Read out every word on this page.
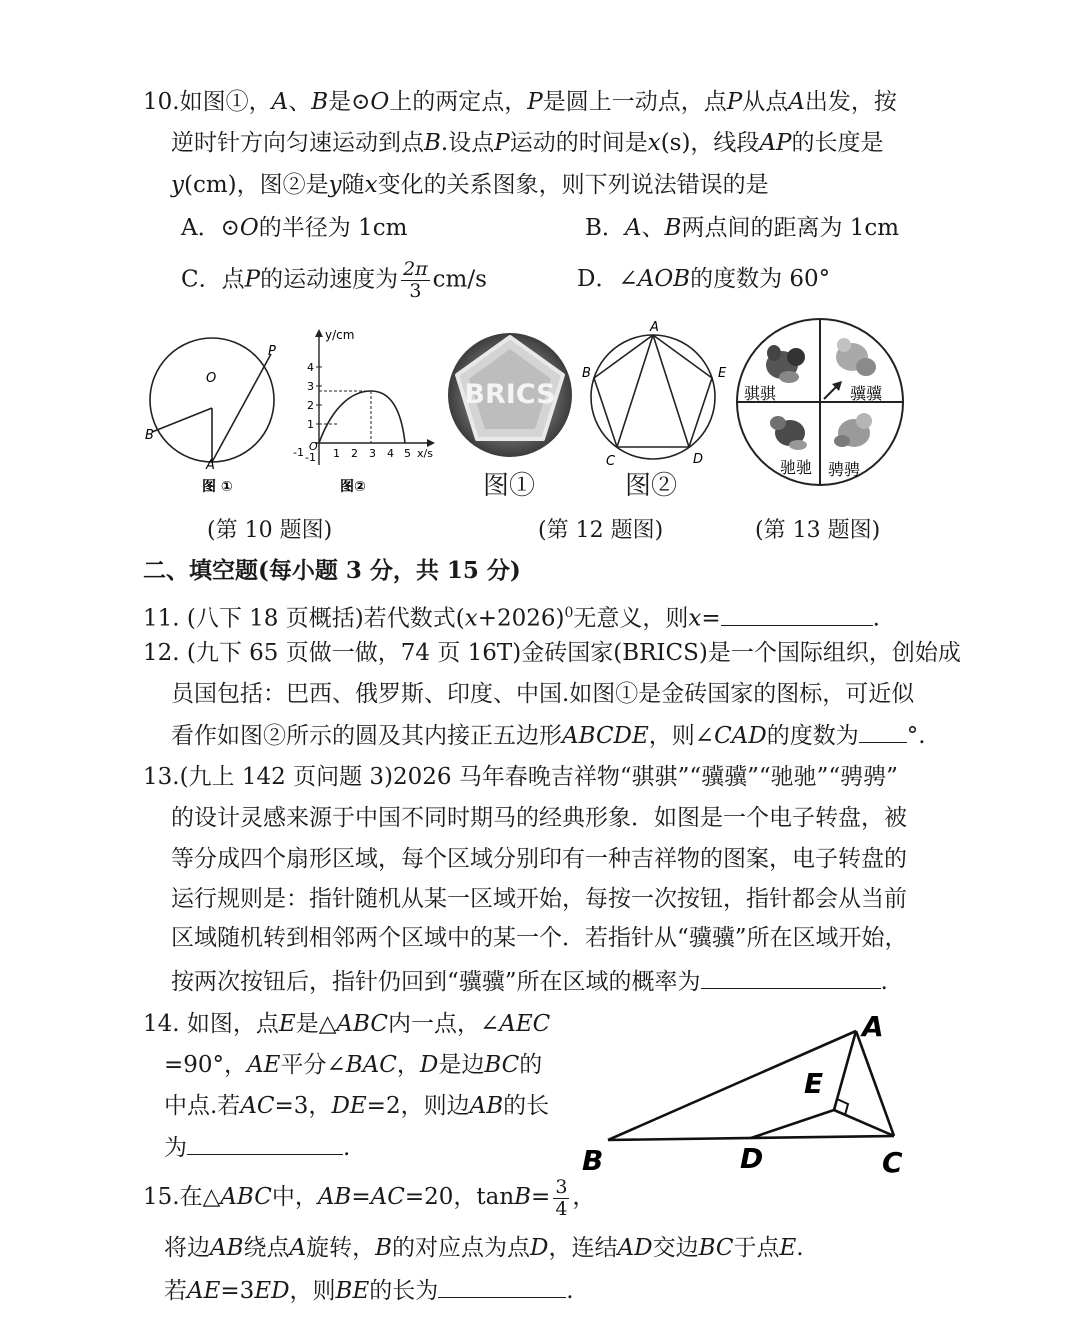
10.如图①，A、B是⊙O上的两定点，P是圆上一动点，点P从点A出发，按
逆时针方向匀速运动到点B.设点P运动的时间是x(s)，线段AP的长度是
y(cm)，图②是y随x变化的关系图象，则下列说法错误的是
A．⊙O的半径为 1cm	B．A、B两点间的距离为 1cm
C．点P的运动速度为 $\frac{2\pi}{3} cm/s$	D．∠AOB的度数为 60°
O
P
B
A
图 ①
y/cm
4
3
2
1
-1
-1 O
1 2 3 4 5 x/s
图②
(第 10 题图)
BRICS
图①
A
B	E
C	D
图②
(第 12 题图)
骐骐	骥骥
驰驰 骋骋
(第 13 题图)
二、填空题(每小题 3 分，共 15 分)
11. (八下 18 页概括)若代数式$(x+2026)^0$无意义，则x=	.
12. (九下 65 页做一做，74 页 16T)金砖国家(BRICS)是一个国际组织，创始成
员国包括：巴西、俄罗斯、印度、中国.如图①是金砖国家的图标，可近似
看作如图②所示的圆及其内接正五边形ABCDE，则∠CAD的度数为 °.
13.(九上 142 页问题 3)2026 马年春晚吉祥物“骐骐”“骥骥”“驰驰”“骋骋”
的设计灵感来源于中国不同时期马的经典形象．如图是一个电子转盘，被
等分成四个扇形区域，每个区域分别印有一种吉祥物的图案，电子转盘的
运行规则是：指针随机从某一区域开始，每按一次按钮，指针都会从当前
区域随机转到相邻两个区域中的某一个．若指针从“骥骥”所在区域开始，
按两次按钮后，指针仍回到“骥骥”所在区域的概率为	.
14. 如图，点E是△ABC内一点，∠AEC
=90°，AE平分∠BAC，D是边BC的
中点.若AC=3，DE=2，则边AB的长
为	.
A
E
B	D	C
15.在△ABC中，AB=AC=20，$\tan B= \frac{3}{4}$ ，
将边AB绕点A旋转，B的对应点为点D，连结AD交边BC于点E.
若AE=3ED，则BE的长为	.
